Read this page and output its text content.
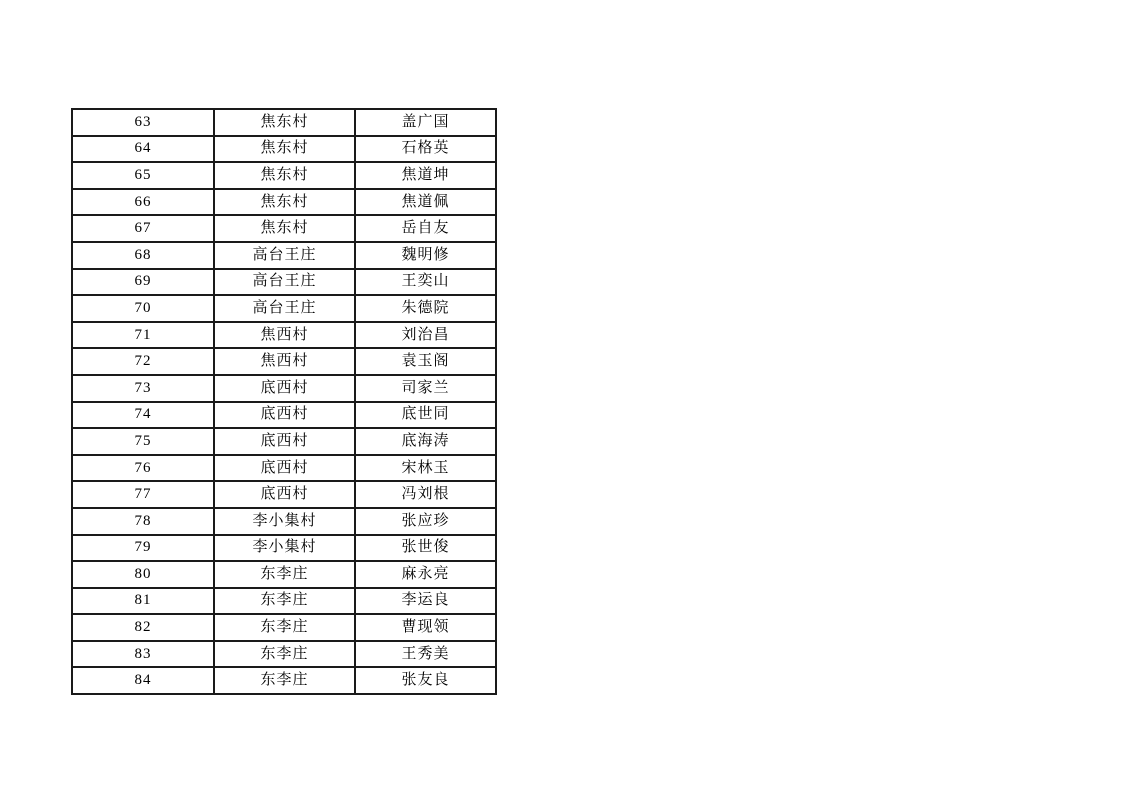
63	焦东村	盖广国
64	焦东村	石格英
65	焦东村	焦道坤
66	焦东村	焦道佩
67	焦东村	岳自友
68	高台王庄	魏明修
69	高台王庄	王奕山
70	高台王庄	朱德院
71	焦西村	刘治昌
72	焦西村	袁玉阁
73	底西村	司家兰
74	底西村	底世同
75	底西村	底海涛
76	底西村	宋林玉
77	底西村	冯刘根
78	李小集村	张应珍
79	李小集村	张世俊
80	东李庄	麻永亮
81	东李庄	李运良
82	东李庄	曹现领
83	东李庄	王秀美
84	东李庄	张友良
